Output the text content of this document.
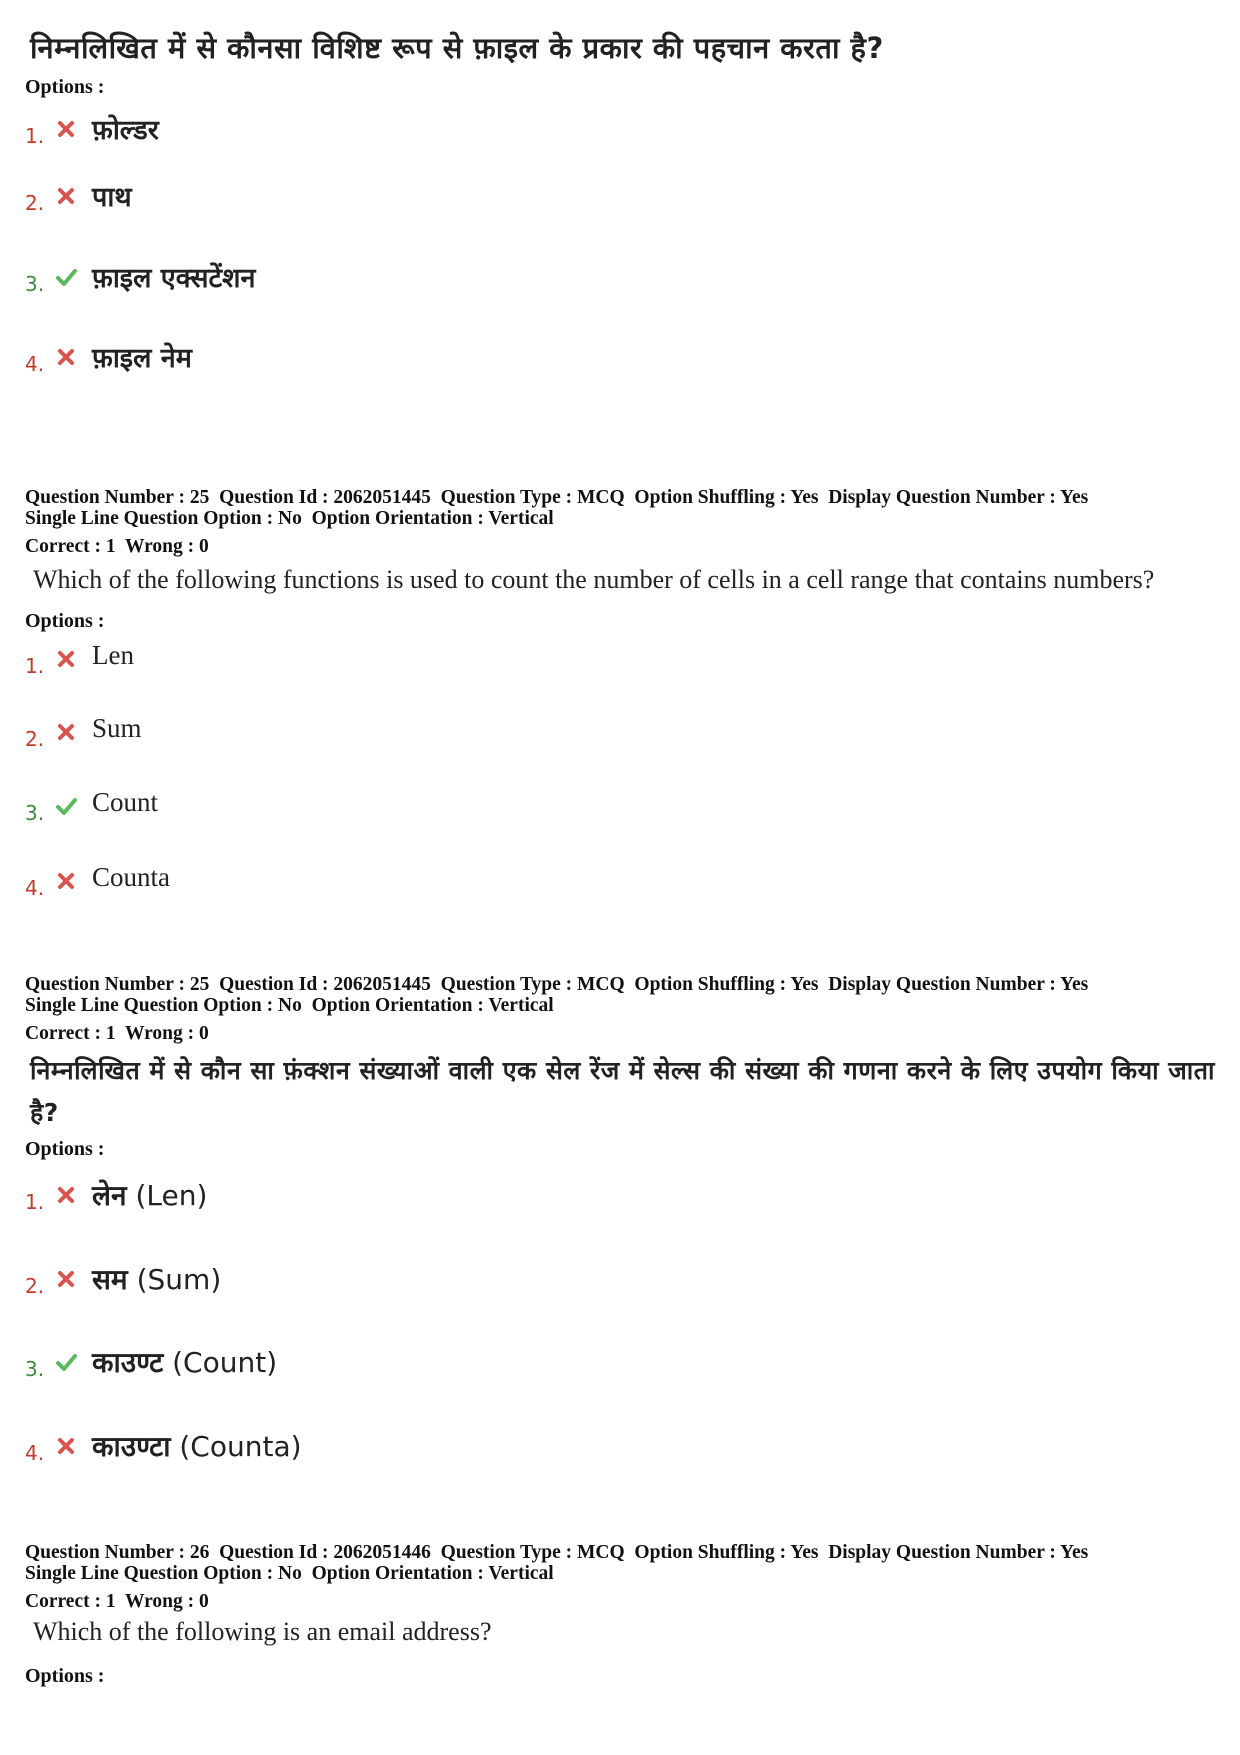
निम्नलिखित में से कौनसा विशिष्ट रूप से फ़ाइल के प्रकार की पहचान करता है?
Options :
1. फ़ोल्डर
2. पाथ
3. फ़ाइल एक्सटेंशन
4. फ़ाइल नेम
Question Number : 25  Question Id : 2062051445  Question Type : MCQ  Option Shuffling : Yes  Display Question Number : Yes
Single Line Question Option : No  Option Orientation : Vertical
Correct : 1  Wrong : 0
Which of the following functions is used to count the number of cells in a cell range that contains numbers?
Options :
1. Len
2. Sum
3. Count
4. Counta
Question Number : 25  Question Id : 2062051445  Question Type : MCQ  Option Shuffling : Yes  Display Question Number : Yes
Single Line Question Option : No  Option Orientation : Vertical
Correct : 1  Wrong : 0
निम्नलिखित में से कौन सा फ़ंक्शन संख्याओं वाली एक सेल रेंज में सेल्स की संख्या की गणना करने के लिए उपयोग किया जाता है?
Options :
1. लेन (Len)
2. सम (Sum)
3. काउण्ट (Count)
4. काउण्टा (Counta)
Question Number : 26  Question Id : 2062051446  Question Type : MCQ  Option Shuffling : Yes  Display Question Number : Yes
Single Line Question Option : No  Option Orientation : Vertical
Correct : 1  Wrong : 0
Which of the following is an email address?
Options :
